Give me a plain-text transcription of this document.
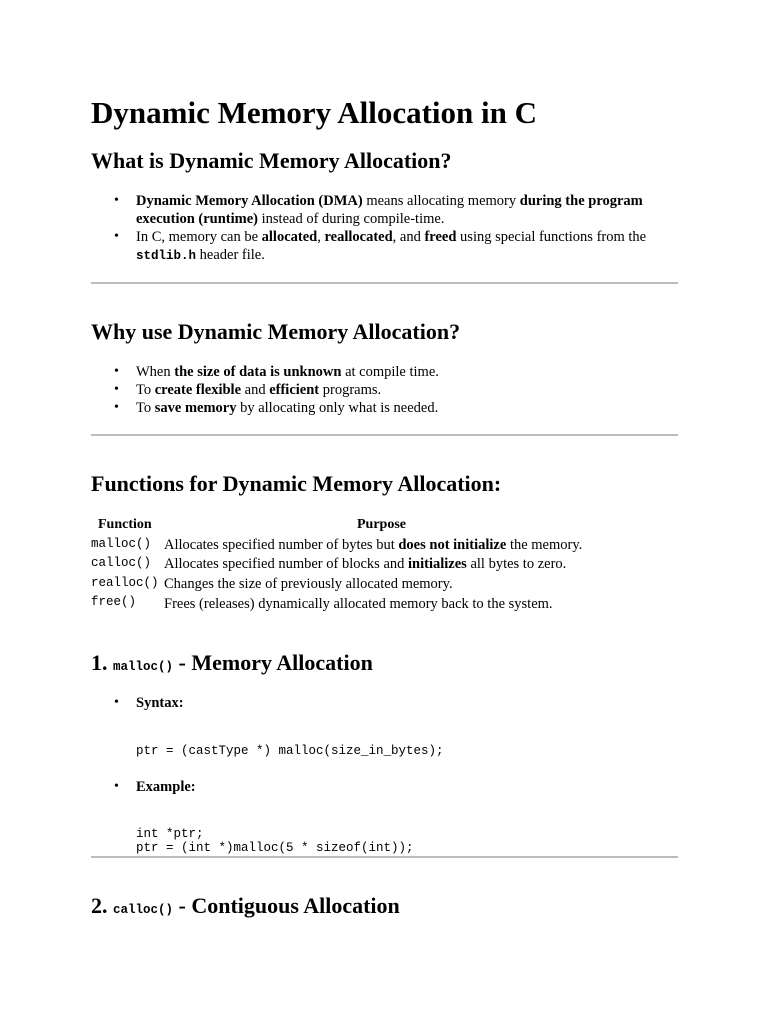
Dynamic Memory Allocation in C
What is Dynamic Memory Allocation?
• Dynamic Memory Allocation (DMA) means allocating memory during the program
execution (runtime) instead of during compile-time.
• In C, memory can be allocated, reallocated, and freed using special functions from the
stdlib.h header file.
Why use Dynamic Memory Allocation?
• When the size of data is unknown at compile time.
• To create flexible and efficient programs.
• To save memory by allocating only what is needed.
Functions for Dynamic Memory Allocation:
Function	Purpose
malloc() Allocates specified number of bytes but does not initialize the memory.
calloc() Allocates specified number of blocks and initializes all bytes to zero.
realloc() Changes the size of previously allocated memory.
free() Frees (releases) dynamically allocated memory back to the system.
1. malloc() - Memory Allocation
• Syntax:
ptr = (castType *) malloc(size_in_bytes);
• Example:
int *ptr;
ptr = (int *)malloc(5 * sizeof(int));
2. calloc() - Contiguous Allocation
